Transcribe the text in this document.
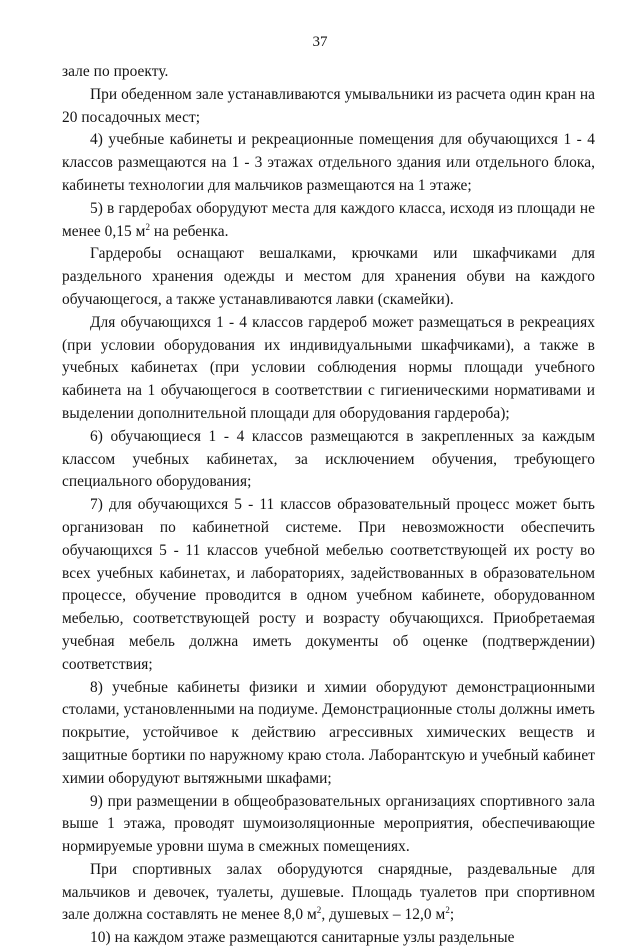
37

зале по проекту.

При обеденном зале устанавливаются умывальники из расчета один кран на 20 посадочных мест;

4) учебные кабинеты и рекреационные помещения для обучающихся 1 - 4 классов размещаются на 1 - 3 этажах отдельного здания или отдельного блока, кабинеты технологии для мальчиков размещаются на 1 этаже;

5) в гардеробах оборудуют места для каждого класса, исходя из площади не менее 0,15 $м^2$ на ребенка.

Гардеробы оснащают вешалками, крючками или шкафчиками для раздельного хранения одежды и местом для хранения обуви на каждого обучающегося, а также устанавливаются лавки (скамейки).

Для обучающихся 1 - 4 классов гардероб может размещаться в рекреациях (при условии оборудования их индивидуальными шкафчиками), а также в учебных кабинетах (при условии соблюдения нормы площади учебного кабинета на 1 обучающегося в соответствии с гигиеническими нормативами и выделении дополнительной площади для оборудования гардероба);

6) обучающиеся 1 - 4 классов размещаются в закрепленных за каждым классом учебных кабинетах, за исключением обучения, требующего специального оборудования;

7) для обучающихся 5 - 11 классов образовательный процесс может быть организован по кабинетной системе. При невозможности обеспечить обучающихся 5 - 11 классов учебной мебелью соответствующей их росту во всех учебных кабинетах, и лабораториях, задействованных в образовательном процессе, обучение проводится в одном учебном кабинете, оборудованном мебелью, соответствующей росту и возрасту обучающихся. Приобретаемая учебная мебель должна иметь документы об оценке (подтверждении) соответствия;

8) учебные кабинеты физики и химии оборудуют демонстрационными столами, установленными на подиуме. Демонстрационные столы должны иметь покрытие, устойчивое к действию агрессивных химических веществ и защитные бортики по наружному краю стола. Лаборантскую и учебный кабинет химии оборудуют вытяжными шкафами;

9) при размещении в общеобразовательных организациях спортивного зала выше 1 этажа, проводят шумоизоляционные мероприятия, обеспечивающие нормируемые уровни шума в смежных помещениях.

При спортивных залах оборудуются снарядные, раздевальные для мальчиков и девочек, туалеты, душевые. Площадь туалетов при спортивном зале должна составлять не менее 8,0 $м^2$, душевых – 12,0 $м^2$;

10) на каждом этаже размещаются санитарные узлы раздельные
